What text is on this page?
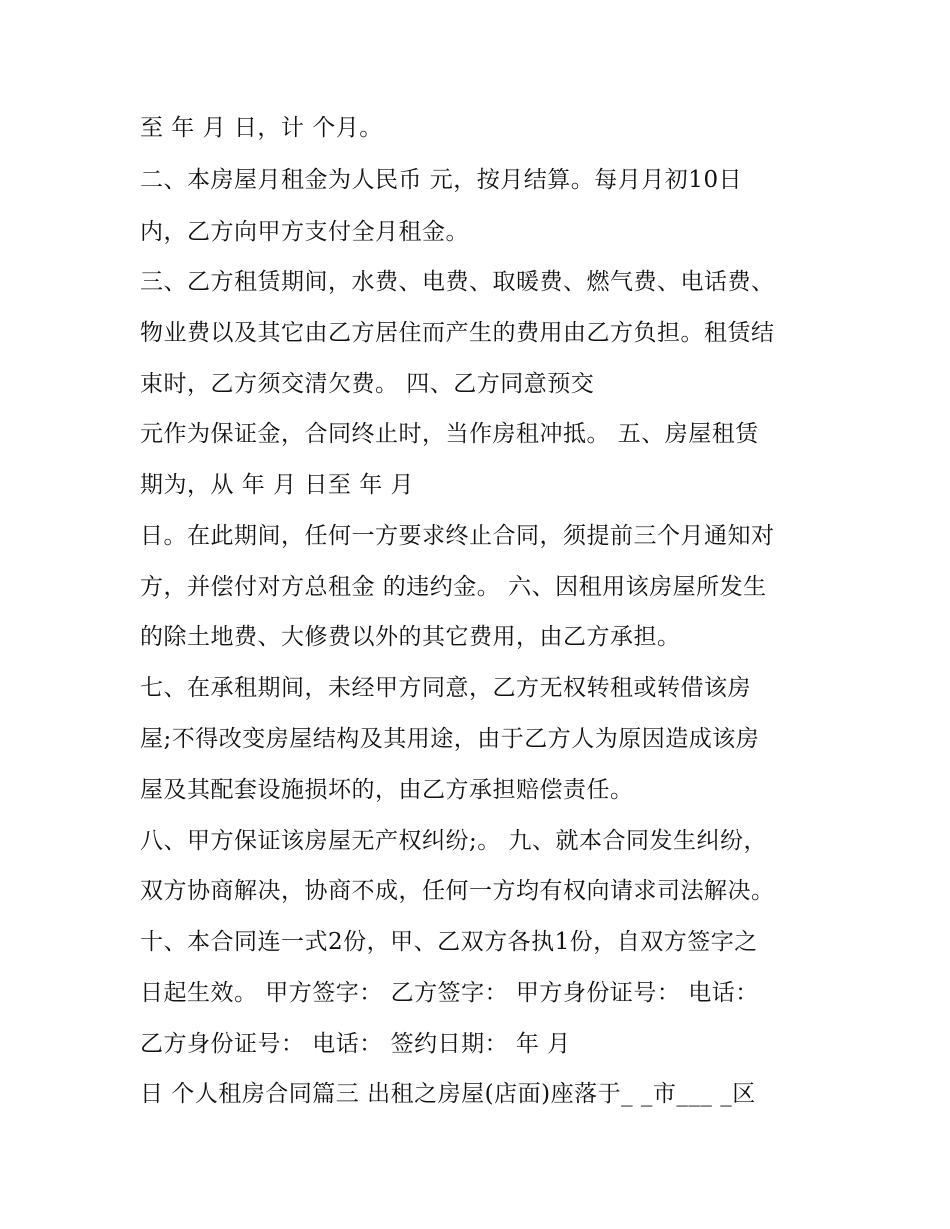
至 年 月 日，计 个月。
二、本房屋月租金为人民币 元，按月结算。每月月初10日
内，乙方向甲方支付全月租金。
三、乙方租赁期间，水费、电费、取暖费、燃气费、电话费、
物业费以及其它由乙方居住而产生的费用由乙方负担。租赁结
束时，乙方须交清欠费。 四、乙方同意预交
元作为保证金，合同终止时，当作房租冲抵。 五、房屋租赁
期为，从 年 月 日至 年 月
日。在此期间，任何一方要求终止合同，须提前三个月通知对
方，并偿付对方总租金 的违约金。 六、因租用该房屋所发生
的除土地费、大修费以外的其它费用，由乙方承担。
七、在承租期间，未经甲方同意，乙方无权转租或转借该房
屋;不得改变房屋结构及其用途，由于乙方人为原因造成该房
屋及其配套设施损坏的，由乙方承担赔偿责任。
八、甲方保证该房屋无产权纠纷;。 九、就本合同发生纠纷，
双方协商解决，协商不成，任何一方均有权向请求司法解决。
十、本合同连一式2份，甲、乙双方各执1份，自双方签字之
日起生效。 甲方签字： 乙方签字： 甲方身份证号： 电话：
乙方身份证号： 电话： 签约日期： 年 月
日 个人租房合同篇三 出租之房屋(店面)座落于_ _市___ _区
